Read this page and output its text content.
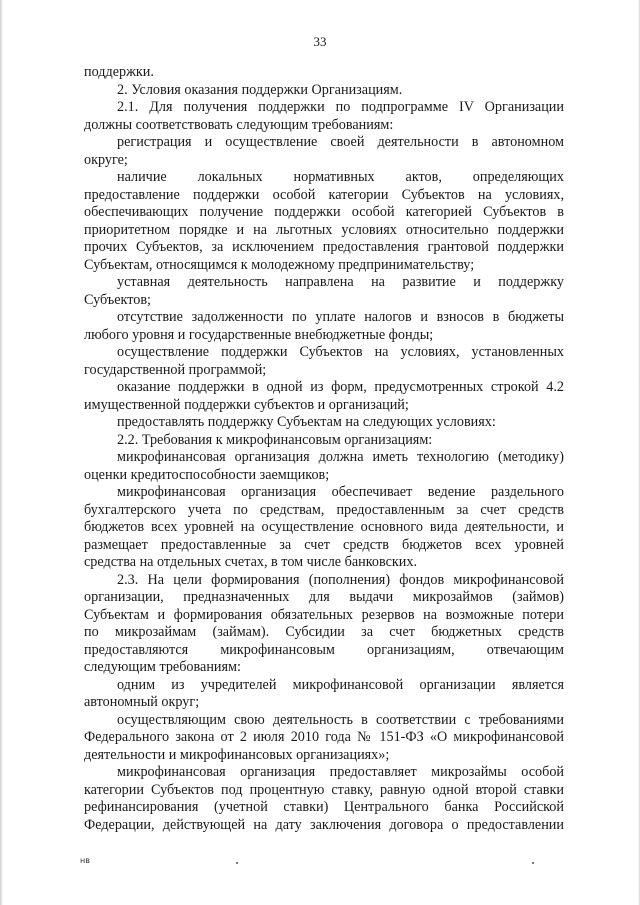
33
поддержки.
2. Условия оказания поддержки Организациям.
2.1. Для получения поддержки по подпрограмме IV Организации
должны соответствовать следующим требованиям:
регистрация и осуществление своей деятельности в автономном
округе;
наличие локальных нормативных актов, определяющих
предоставление поддержки особой категории Субъектов на условиях,
обеспечивающих получение поддержки особой категорией Субъектов в
приоритетном порядке и на льготных условиях относительно поддержки
прочих Субъектов, за исключением предоставления грантовой поддержки
Субъектам, относящимся к молодежному предпринимательству;
уставная деятельность направлена на развитие и поддержку
Субъектов;
отсутствие задолженности по уплате налогов и взносов в бюджеты
любого уровня и государственные внебюджетные фонды;
осуществление поддержки Субъектов на условиях, установленных
государственной программой;
оказание поддержки в одной из форм, предусмотренных строкой 4.2
имущественной поддержки субъектов и организаций;
предоставлять поддержку Субъектам на следующих условиях:
2.2. Требования к микрофинансовым организациям:
микрофинансовая организация должна иметь технологию (методику)
оценки кредитоспособности заемщиков;
микрофинансовая организация обеспечивает ведение раздельного
бухгалтерского учета по средствам, предоставленным за счет средств
бюджетов всех уровней на осуществление основного вида деятельности, и
размещает предоставленные за счет средств бюджетов всех уровней
средства на отдельных счетах, в том числе банковских.
2.3. На цели формирования (пополнения) фондов микрофинансовой
организации, предназначенных для выдачи микрозаймов (займов)
Субъектам и формирования обязательных резервов на возможные потери
по микрозаймам (займам). Субсидии за счет бюджетных средств
предоставляются микрофинансовым организациям, отвечающим
следующим требованиям:
одним из учредителей микрофинансовой организации является
автономный округ;
осуществляющим свою деятельность в соответствии с требованиями
Федерального закона от 2 июля 2010 года № 151-ФЗ «О микрофинансовой
деятельности и микрофинансовых организациях»;
микрофинансовая организация предоставляет микрозаймы особой
категории Субъектов под процентную ставку, равную одной второй ставки
рефинансирования (учетной ставки) Центрального банка Российской
Федерации, действующей на дату заключения договора о предоставлении
нв
